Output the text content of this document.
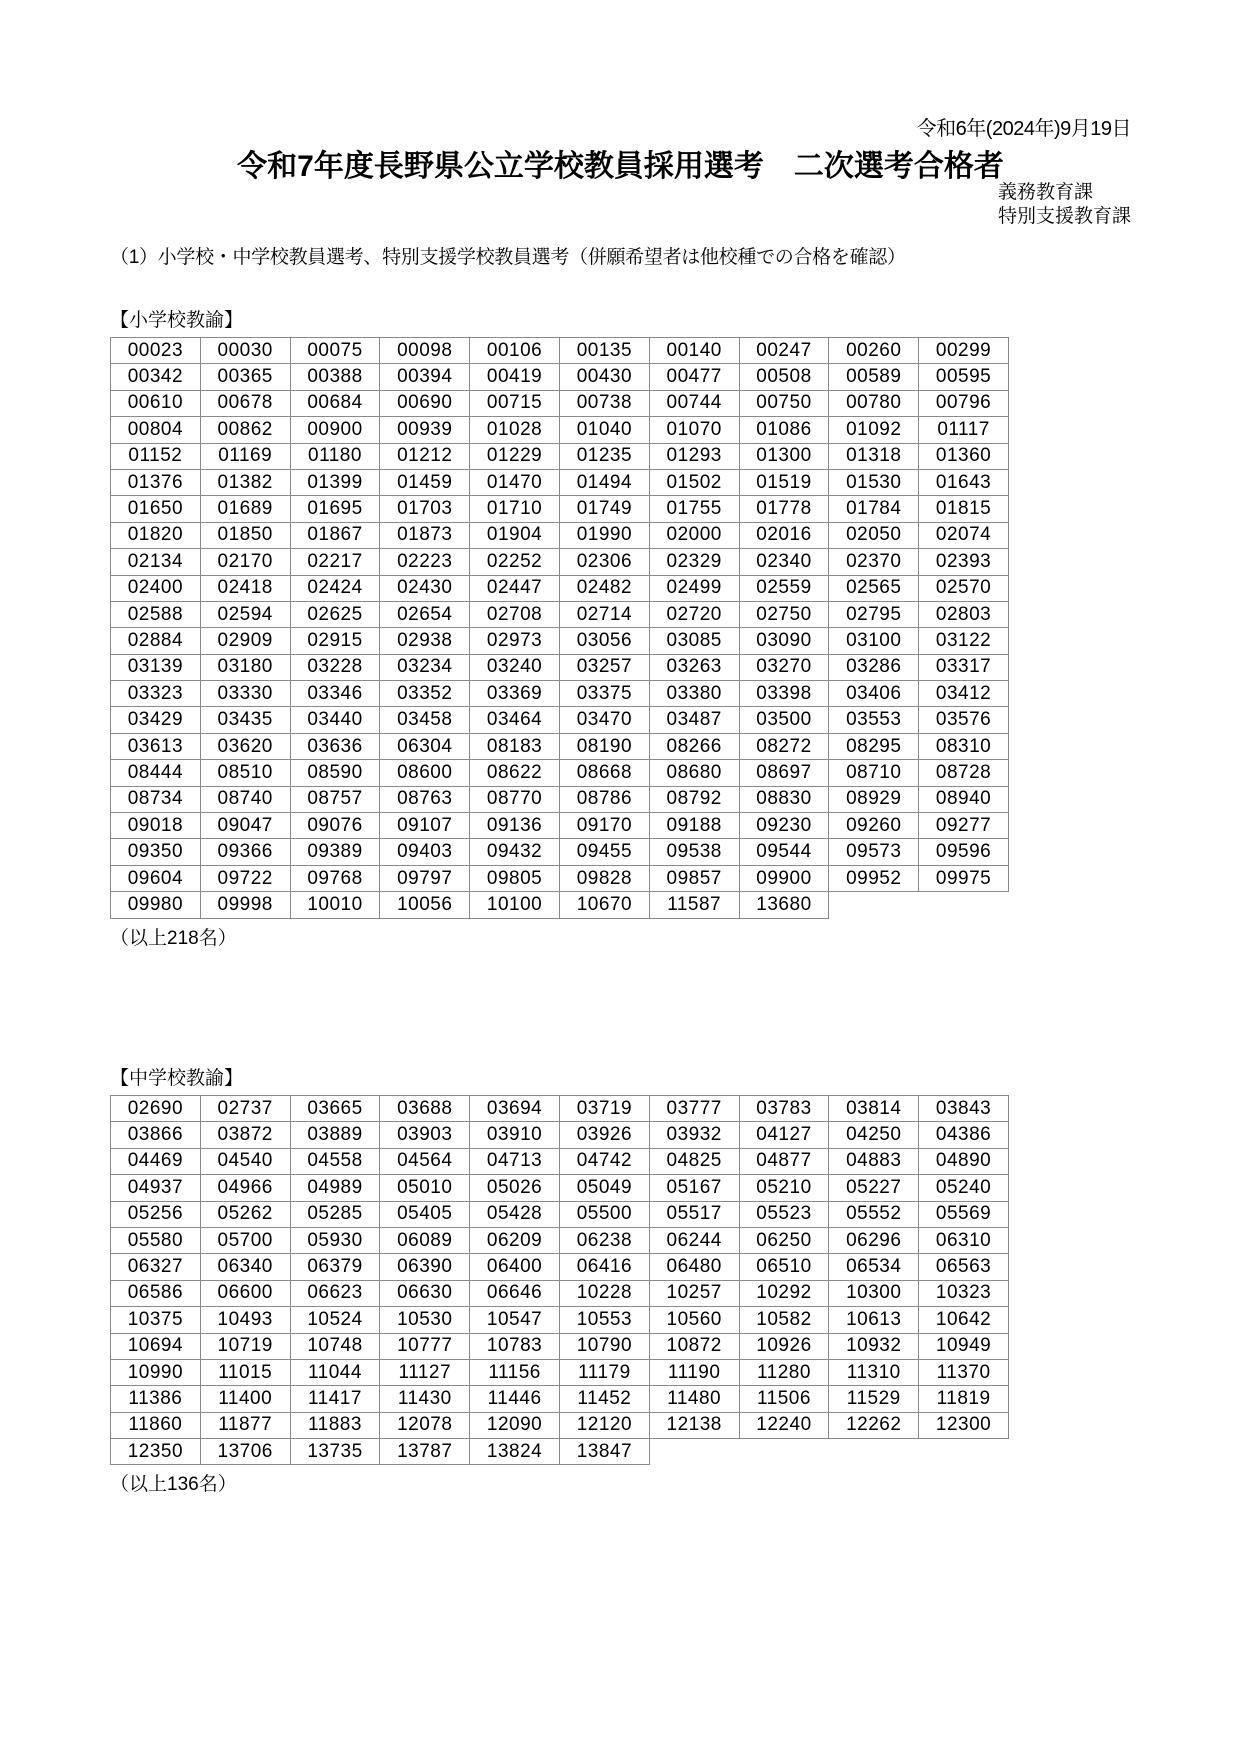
令和6年(2024年)9月19日
令和7年度長野県公立学校教員採用選考　二次選考合格者
義務教育課
特別支援教育課
（1）小学校・中学校教員選考、特別支援学校教員選考（併願希望者は他校種での合格を確認）
【小学校教諭】
00023	00030	00075	00098	00106	00135	00140	00247	00260	00299
00342	00365	00388	00394	00419	00430	00477	00508	00589	00595
00610	00678	00684	00690	00715	00738	00744	00750	00780	00796
00804	00862	00900	00939	01028	01040	01070	01086	01092	01117
01152	01169	01180	01212	01229	01235	01293	01300	01318	01360
01376	01382	01399	01459	01470	01494	01502	01519	01530	01643
01650	01689	01695	01703	01710	01749	01755	01778	01784	01815
01820	01850	01867	01873	01904	01990	02000	02016	02050	02074
02134	02170	02217	02223	02252	02306	02329	02340	02370	02393
02400	02418	02424	02430	02447	02482	02499	02559	02565	02570
02588	02594	02625	02654	02708	02714	02720	02750	02795	02803
02884	02909	02915	02938	02973	03056	03085	03090	03100	03122
03139	03180	03228	03234	03240	03257	03263	03270	03286	03317
03323	03330	03346	03352	03369	03375	03380	03398	03406	03412
03429	03435	03440	03458	03464	03470	03487	03500	03553	03576
03613	03620	03636	06304	08183	08190	08266	08272	08295	08310
08444	08510	08590	08600	08622	08668	08680	08697	08710	08728
08734	08740	08757	08763	08770	08786	08792	08830	08929	08940
09018	09047	09076	09107	09136	09170	09188	09230	09260	09277
09350	09366	09389	09403	09432	09455	09538	09544	09573	09596
09604	09722	09768	09797	09805	09828	09857	09900	09952	09975
09980	09998	10010	10056	10100	10670	11587	13680		
（以上218名）
【中学校教諭】
02690	02737	03665	03688	03694	03719	03777	03783	03814	03843
03866	03872	03889	03903	03910	03926	03932	04127	04250	04386
04469	04540	04558	04564	04713	04742	04825	04877	04883	04890
04937	04966	04989	05010	05026	05049	05167	05210	05227	05240
05256	05262	05285	05405	05428	05500	05517	05523	05552	05569
05580	05700	05930	06089	06209	06238	06244	06250	06296	06310
06327	06340	06379	06390	06400	06416	06480	06510	06534	06563
06586	06600	06623	06630	06646	10228	10257	10292	10300	10323
10375	10493	10524	10530	10547	10553	10560	10582	10613	10642
10694	10719	10748	10777	10783	10790	10872	10926	10932	10949
10990	11015	11044	11127	11156	11179	11190	11280	11310	11370
11386	11400	11417	11430	11446	11452	11480	11506	11529	11819
11860	11877	11883	12078	12090	12120	12138	12240	12262	12300
12350	13706	13735	13787	13824	13847				
（以上136名）
